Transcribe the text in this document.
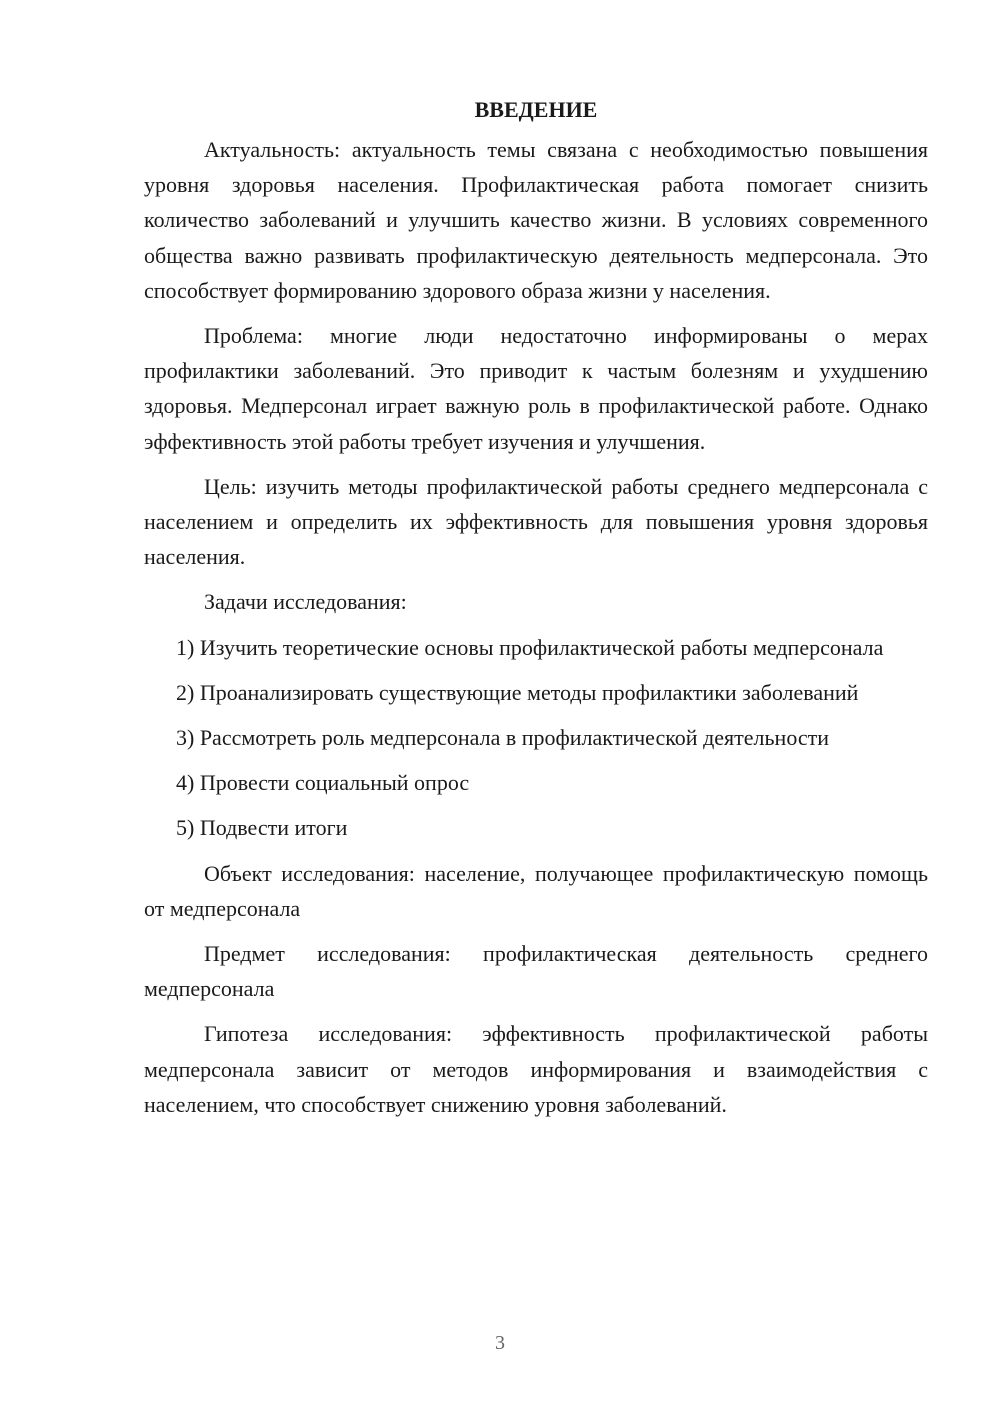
ВВЕДЕНИЕ

Актуальность: актуальность темы связана с необходимостью повышения уровня здоровья населения. Профилактическая работа помогает снизить количество заболеваний и улучшить качество жизни. В условиях современного общества важно развивать профилактическую деятельность медперсонала. Это способствует формированию здорового образа жизни у населения.

Проблема: многие люди недостаточно информированы о мерах профилактики заболеваний. Это приводит к частым болезням и ухудшению здоровья. Медперсонал играет важную роль в профилактической работе. Однако эффективность этой работы требует изучения и улучшения.

Цель: изучить методы профилактической работы среднего медперсонала с населением и определить их эффективность для повышения уровня здоровья населения.

Задачи исследования:

1) Изучить теоретические основы профилактической работы медперсонала

2) Проанализировать существующие методы профилактики заболеваний

3) Рассмотреть роль медперсонала в профилактической деятельности

4) Провести социальный опрос

5) Подвести итоги

Объект исследования: население, получающее профилактическую помощь от медперсонала

Предмет исследования: профилактическая деятельность среднего медперсонала

Гипотеза исследования: эффективность профилактической работы медперсонала зависит от методов информирования и взаимодействия с населением, что способствует снижению уровня заболеваний.

3
